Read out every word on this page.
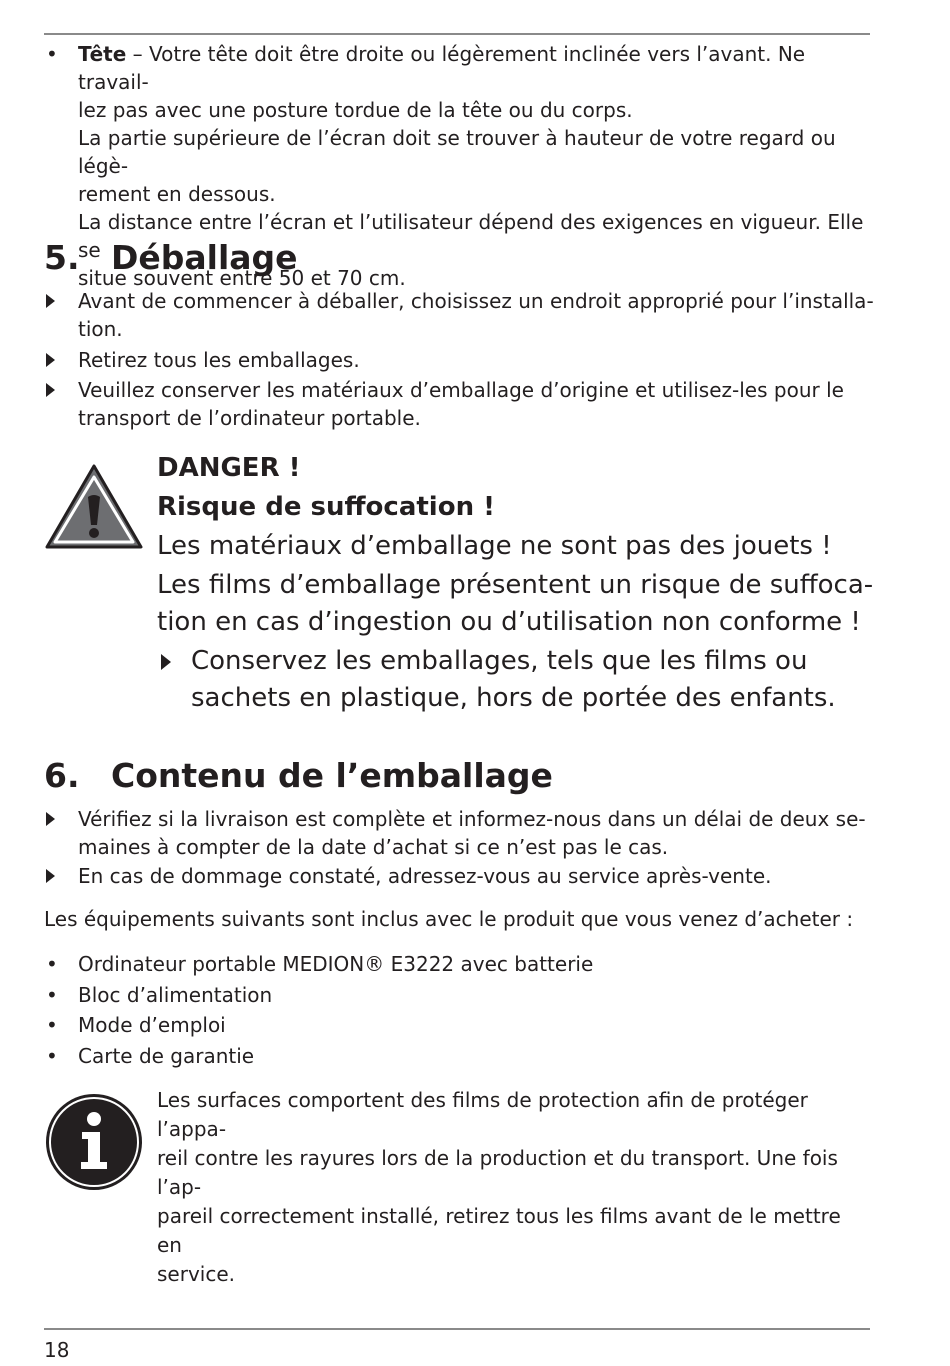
•	Tête – Votre tête doit être droite ou légèrement inclinée vers l’avant. Ne travail-

lez pas avec une posture tordue de la tête ou du corps.

La partie supérieure de l’écran doit se trouver à hauteur de votre regard ou légè-

rement en dessous.

La distance entre l’écran et l’utilisateur dépend des exigences en vigueur. Elle se

situe souvent entre 50 et 70 cm.

5. Déballage

Avant de commencer à déballer, choisissez un endroit approprié pour l’installa-

tion.

Retirez tous les emballages.

Veuillez conserver les matériaux d’emballage d’origine et utilisez-les pour le

transport de l’ordinateur portable.

DANGER !
Risque de suffocation !
Les matériaux d’emballage ne sont pas des jouets !
Les films d’emballage présentent un risque de suffoca-
tion en cas d’ingestion ou d’utilisation non conforme !
Conservez les emballages, tels que les films ou
sachets en plastique, hors de portée des enfants.
6. Contenu de l’emballage

Vérifiez si la livraison est complète et informez-nous dans un délai de deux se-

maines à compter de la date d’achat si ce n’est pas le cas.

En cas de dommage constaté, adressez-vous au service après-vente.

Les équipements suivants sont inclus avec le produit que vous venez d’acheter :
•	Ordinateur portable MEDION® E3222 avec batterie

•	Bloc d’alimentation

•	Mode d’emploi

•	Carte de garantie

Les surfaces comportent des films de protection afin de protéger l’appa-
reil contre les rayures lors de la production et du transport. Une fois l’ap-
pareil correctement installé, retirez tous les films avant de le mettre en
service.
18
